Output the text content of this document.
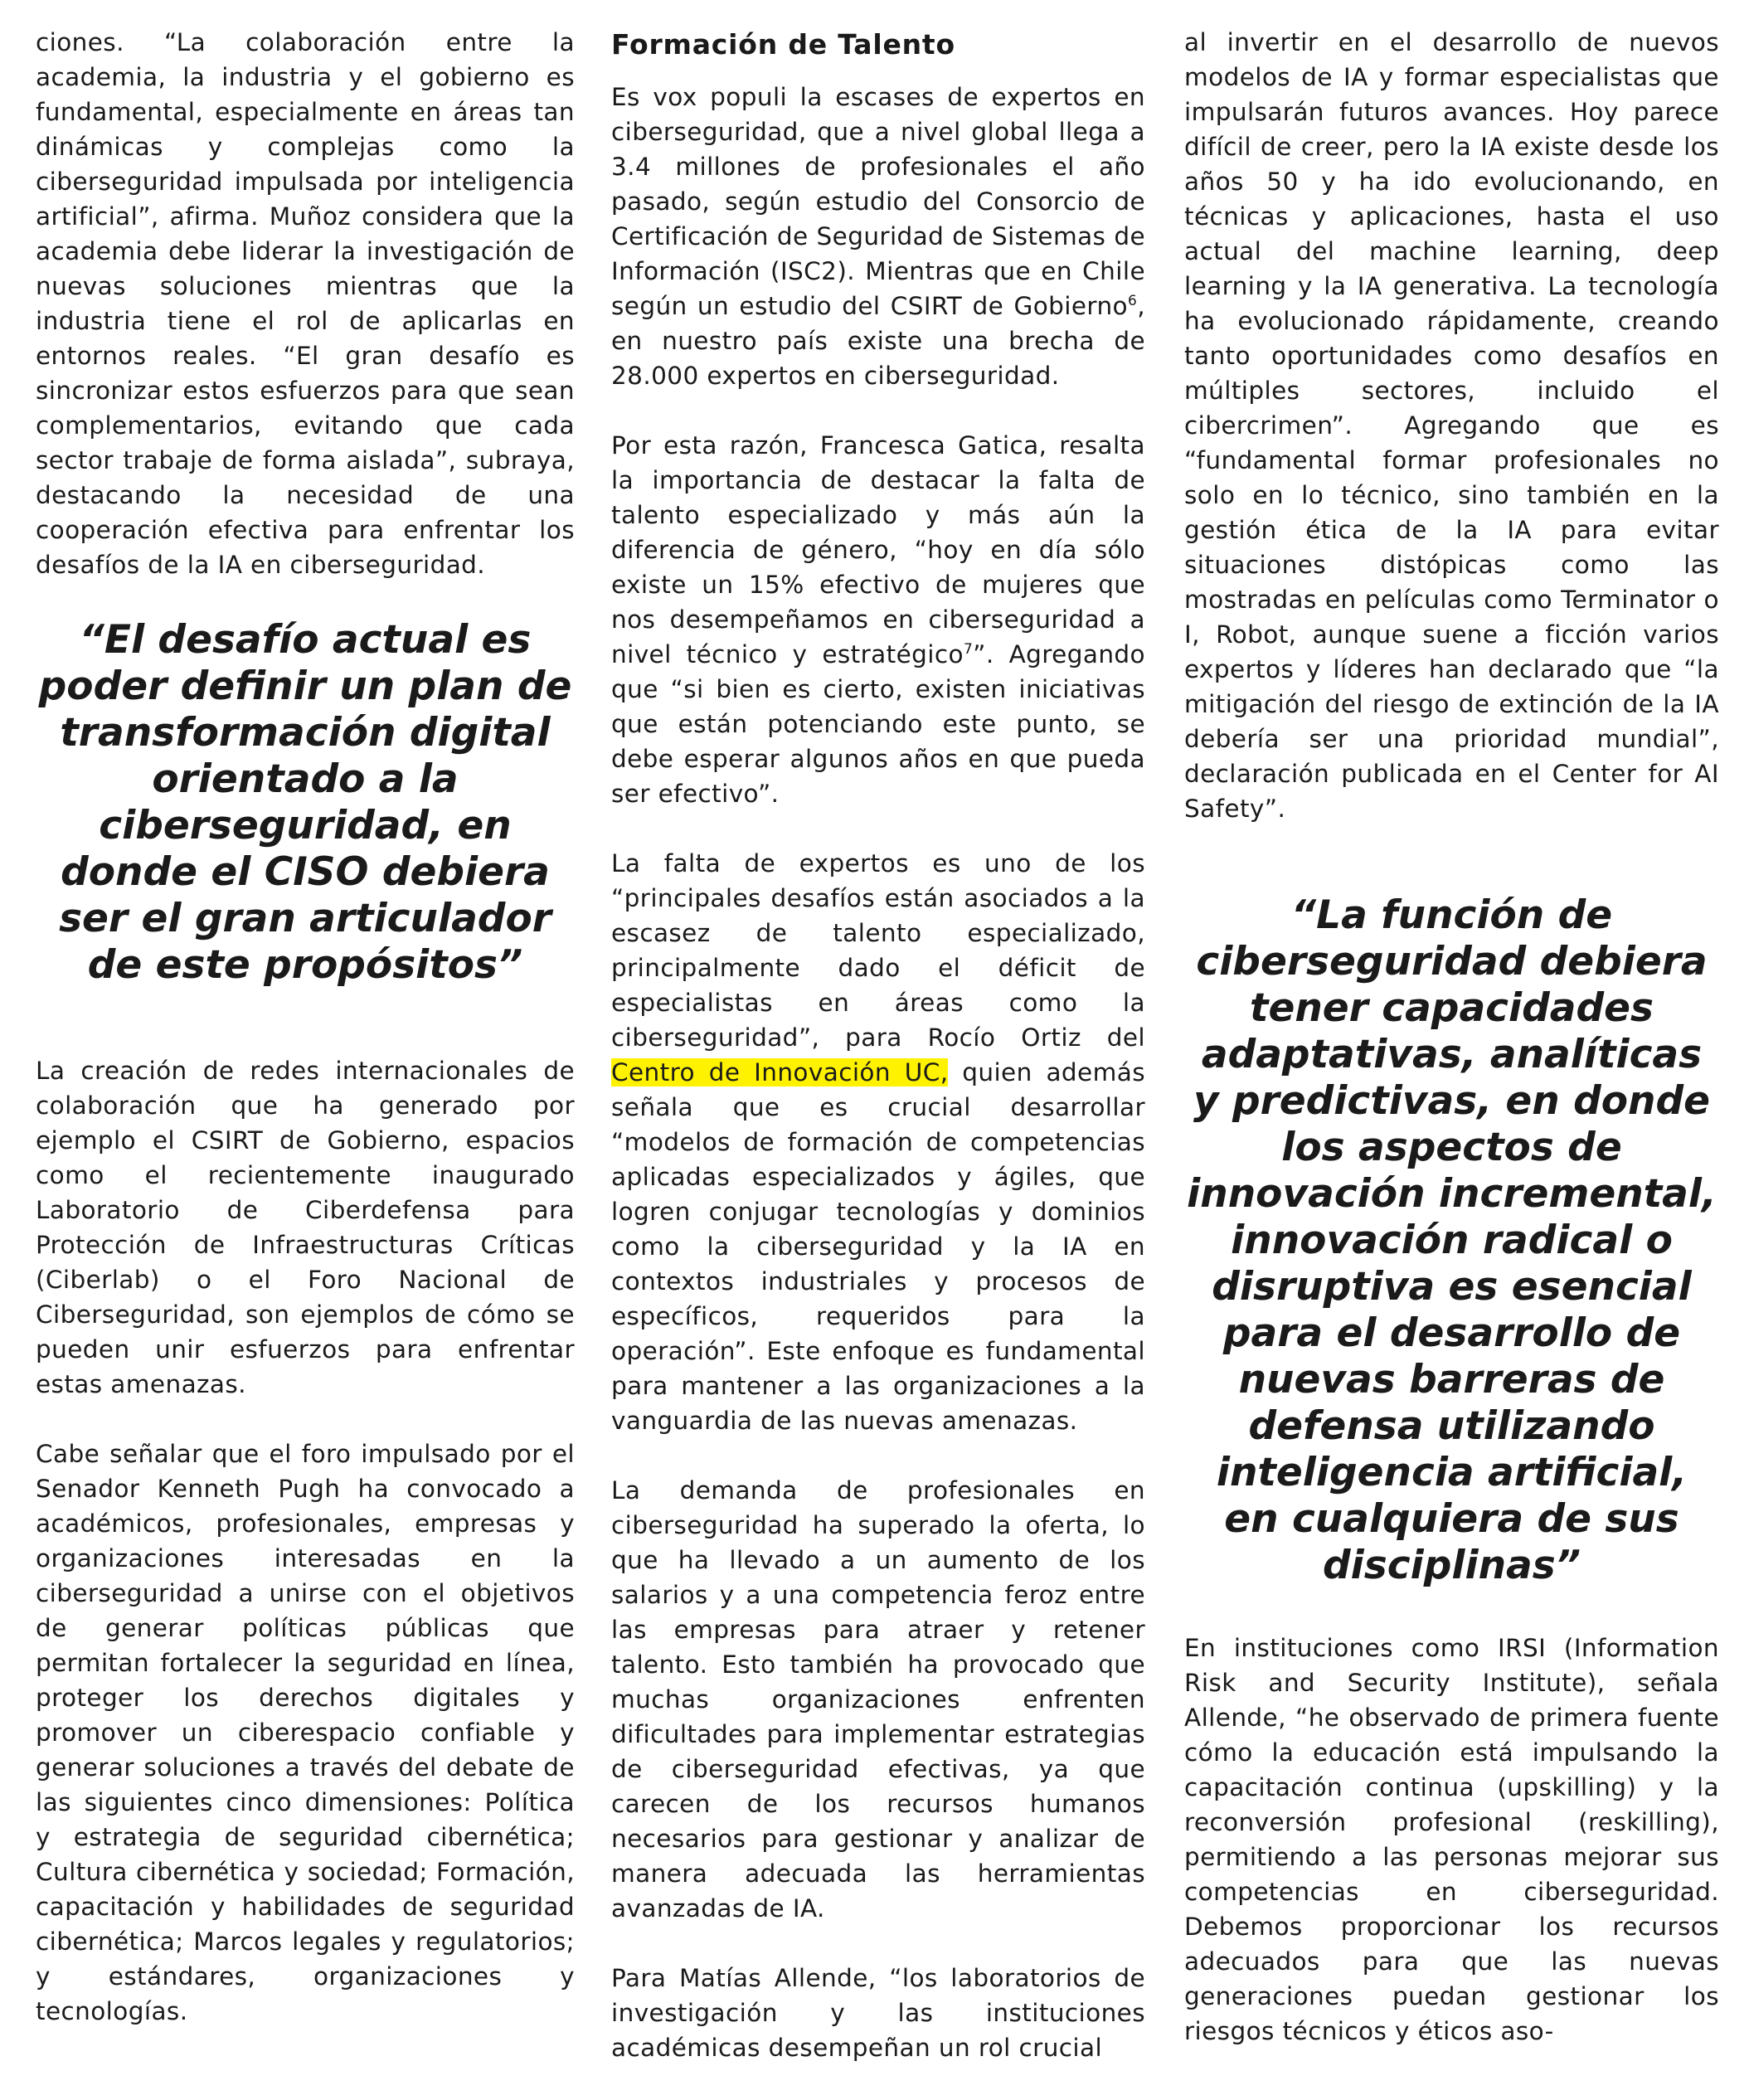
ciones. “La colaboración entre la academia, la industria y el gobierno es fundamental, especialmente en áreas tan dinámicas y complejas como la ciberseguridad impulsada por inteligencia artificial”, afirma. Muñoz considera que la academia debe liderar la investigación de nuevas soluciones mientras que la industria tiene el rol de aplicarlas en entornos reales. “El gran desafío es sincronizar estos esfuerzos para que sean complementarios, evitando que cada sector trabaje de forma aislada”, subraya, destacando la necesidad de una cooperación efectiva para enfrentar los desafíos de la IA en ciberseguridad.

“El desafío actual es poder definir un plan de transformación digital orientado a la ciberseguridad, en donde el CISO debiera ser el gran articulador de este propósitos”

La creación de redes internacionales de colaboración que ha generado por ejemplo el CSIRT de Gobierno, espacios como el recientemente inaugurado Laboratorio de Ciberdefensa para Protección de Infraestructuras Críticas (Ciberlab) o el Foro Nacional de Ciberseguridad, son ejemplos de cómo se pueden unir esfuerzos para enfrentar estas amenazas.

Cabe señalar que el foro impulsado por el Senador Kenneth Pugh ha convocado a académicos, profesionales, empresas y organizaciones interesadas en la ciberseguridad a unirse con el objetivos de generar políticas públicas que permitan fortalecer la seguridad en línea, proteger los derechos digitales y promover un ciberespacio confiable y generar soluciones a través del debate de las siguientes cinco dimensiones: Política y estrategia de seguridad cibernética; Cultura cibernética y sociedad; Formación, capacitación y habilidades de seguridad cibernética; Marcos legales y regulatorios; y estándares, organizaciones y tecnologías.

Formación de Talento

Es vox populi la escases de expertos en ciberseguridad, que a nivel global llega a 3.4 millones de profesionales el año pasado, según estudio del Consorcio de Certificación de Seguridad de Sistemas de Información (ISC2). Mientras que en Chile según un estudio del CSIRT de Gobierno$^6$, en nuestro país existe una brecha de 28.000 expertos en ciberseguridad.

Por esta razón, Francesca Gatica, resalta la importancia de destacar la falta de talento especializado y más aún la diferencia de género, “hoy en día sólo existe un 15% efectivo de mujeres que nos desempeñamos en ciberseguridad a nivel técnico y estratégico$^7$”. Agregando que “si bien es cierto, existen iniciativas que están potenciando este punto, se debe esperar algunos años en que pueda ser efectivo”.

La falta de expertos es uno de los “principales desafíos están asociados a la escasez de talento especializado, principalmente dado el déficit de especialistas en áreas como la ciberseguridad”, para Rocío Ortiz del Centro de Innovación UC, quien además señala que es crucial desarrollar “modelos de formación de competencias aplicadas especializados y ágiles, que logren conjugar tecnologías y dominios como la ciberseguridad y la IA en contextos industriales y procesos de específicos, requeridos para la operación”. Este enfoque es fundamental para mantener a las organizaciones a la vanguardia de las nuevas amenazas.

La demanda de profesionales en ciberseguridad ha superado la oferta, lo que ha llevado a un aumento de los salarios y a una competencia feroz entre las empresas para atraer y retener talento. Esto también ha provocado que muchas organizaciones enfrenten dificultades para implementar estrategias de ciberseguridad efectivas, ya que carecen de los recursos humanos necesarios para gestionar y analizar de manera adecuada las herramientas avanzadas de IA.

Para Matías Allende, “los laboratorios de investigación y las instituciones académicas desempeñan un rol crucial

al invertir en el desarrollo de nuevos modelos de IA y formar especialistas que impulsarán futuros avances. Hoy parece difícil de creer, pero la IA existe desde los años 50 y ha ido evolucionando, en técnicas y aplicaciones, hasta el uso actual del machine learning, deep learning y la IA generativa. La tecnología ha evolucionado rápidamente, creando tanto oportunidades como desafíos en múltiples sectores, incluido el cibercrimen”. Agregando que es “fundamental formar profesionales no solo en lo técnico, sino también en la gestión ética de la IA para evitar situaciones distópicas como las mostradas en películas como Terminator o I, Robot, aunque suene a ficción varios expertos y líderes han declarado que “la mitigación del riesgo de extinción de la IA debería ser una prioridad mundial”, declaración publicada en el Center for AI Safety”.

“La función de ciberseguridad debiera tener capacidades adaptativas, analíticas y predictivas, en donde los aspectos de innovación incremental, innovación radical o disruptiva es esencial para el desarrollo de nuevas barreras de defensa utilizando inteligencia artificial, en cualquiera de sus disciplinas”

En instituciones como IRSI (Information Risk and Security Institute), señala Allende, “he observado de primera fuente cómo la educación está impulsando la capacitación continua (upskilling) y la reconversión profesional (reskilling), permitiendo a las personas mejorar sus competencias en ciberseguridad. Debemos proporcionar los recursos adecuados para que las nuevas generaciones puedan gestionar los riesgos técnicos y éticos aso-
